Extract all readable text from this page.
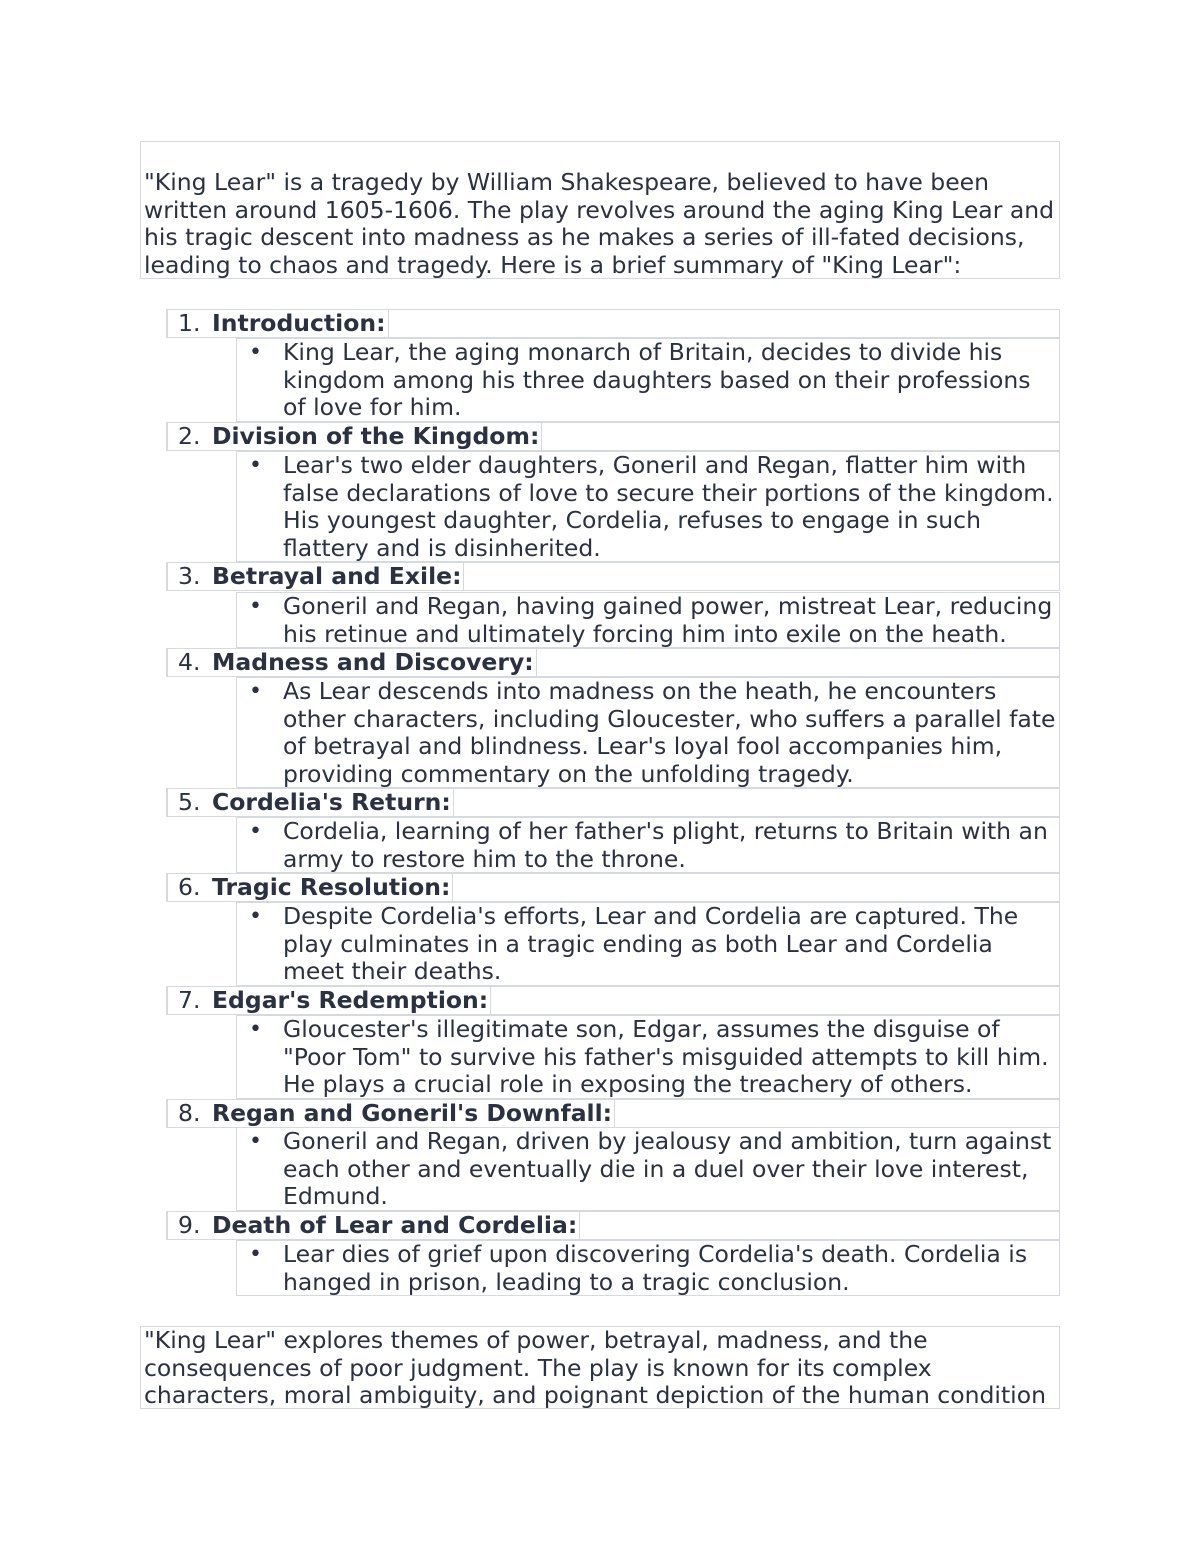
"King Lear" is a tragedy by William Shakespeare, believed to have been written around 1605-1606. The play revolves around the aging King Lear and his tragic descent into madness as he makes a series of ill-fated decisions, leading to chaos and tragedy. Here is a brief summary of "King Lear":
1. Introduction:
• King Lear, the aging monarch of Britain, decides to divide his kingdom among his three daughters based on their professions of love for him.
2. Division of the Kingdom:
• Lear's two elder daughters, Goneril and Regan, flatter him with false declarations of love to secure their portions of the kingdom. His youngest daughter, Cordelia, refuses to engage in such flattery and is disinherited.
3. Betrayal and Exile:
• Goneril and Regan, having gained power, mistreat Lear, reducing his retinue and ultimately forcing him into exile on the heath.
4. Madness and Discovery:
• As Lear descends into madness on the heath, he encounters other characters, including Gloucester, who suffers a parallel fate of betrayal and blindness. Lear's loyal fool accompanies him, providing commentary on the unfolding tragedy.
5. Cordelia's Return:
• Cordelia, learning of her father's plight, returns to Britain with an army to restore him to the throne.
6. Tragic Resolution:
• Despite Cordelia's efforts, Lear and Cordelia are captured. The play culminates in a tragic ending as both Lear and Cordelia meet their deaths.
7. Edgar's Redemption:
• Gloucester's illegitimate son, Edgar, assumes the disguise of "Poor Tom" to survive his father's misguided attempts to kill him. He plays a crucial role in exposing the treachery of others.
8. Regan and Goneril's Downfall:
• Goneril and Regan, driven by jealousy and ambition, turn against each other and eventually die in a duel over their love interest, Edmund.
9. Death of Lear and Cordelia:
• Lear dies of grief upon discovering Cordelia's death. Cordelia is hanged in prison, leading to a tragic conclusion.
"King Lear" explores themes of power, betrayal, madness, and the consequences of poor judgment. The play is known for its complex characters, moral ambiguity, and poignant depiction of the human condition
